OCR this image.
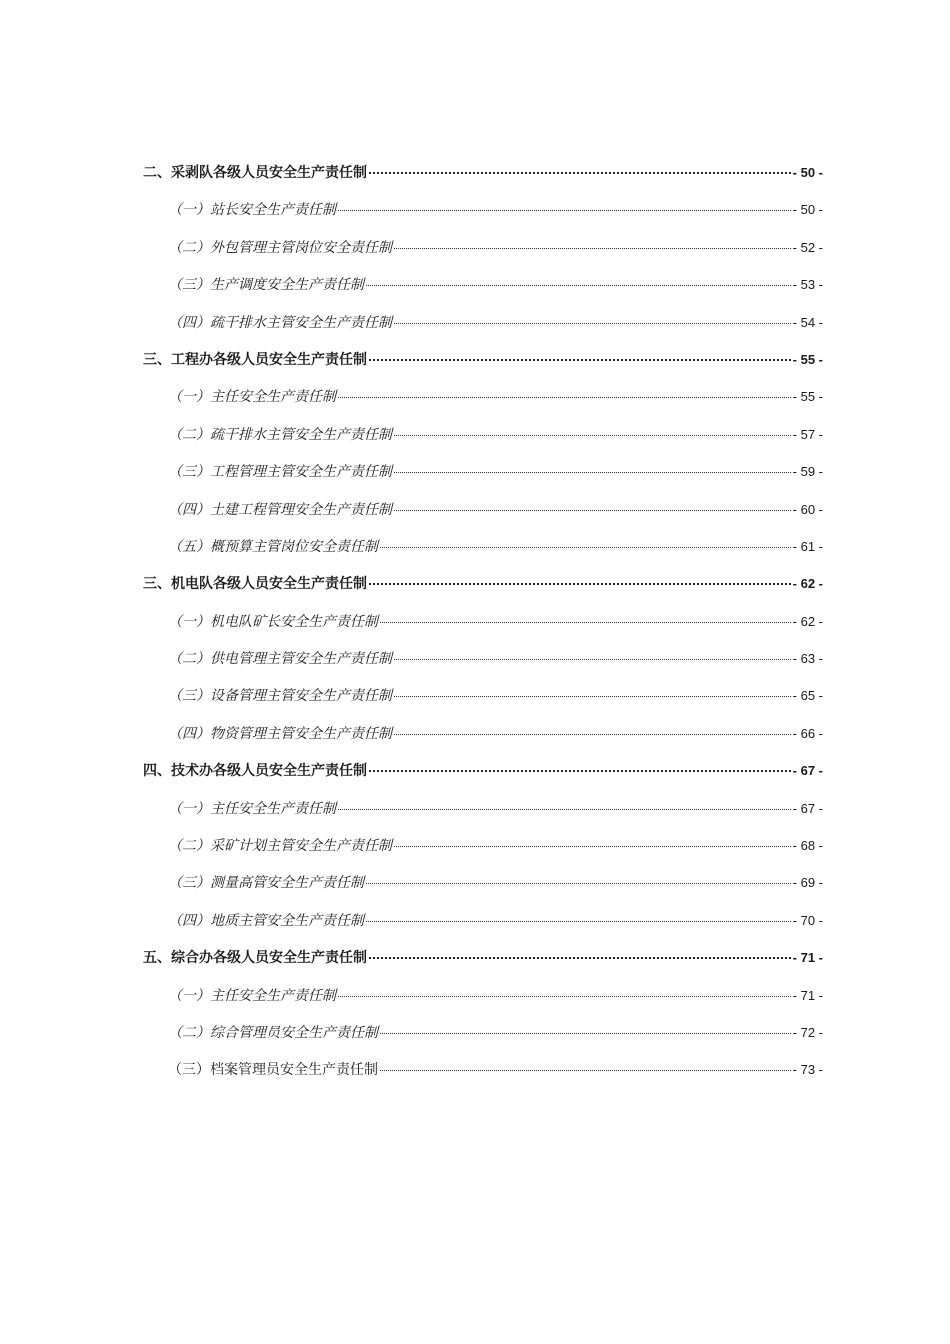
二、采剥队各级人员安全生产责任制	- 50 -
（一）站长安全生产责任制	- 50 -
（二）外包管理主管岗位安全责任制	- 52 -
（三）生产调度安全生产责任制	- 53 -
（四）疏干排水主管安全生产责任制	- 54 -
三、工程办各级人员安全生产责任制	- 55 -
（一）主任安全生产责任制	- 55 -
（二）疏干排水主管安全生产责任制	- 57 -
（三）工程管理主管安全生产责任制	- 59 -
（四）土建工程管理安全生产责任制	- 60 -
（五）概预算主管岗位安全责任制	- 61 -
三、机电队各级人员安全生产责任制	- 62 -
（一）机电队矿长安全生产责任制	- 62 -
（二）供电管理主管安全生产责任制	- 63 -
（三）设备管理主管安全生产责任制	- 65 -
（四）物资管理主管安全生产责任制	- 66 -
四、技术办各级人员安全生产责任制	- 67 -
（一）主任安全生产责任制	- 67 -
（二）采矿计划主管安全生产责任制	- 68 -
（三）测量高管安全生产责任制	- 69 -
（四）地质主管安全生产责任制	- 70 -
五、综合办各级人员安全生产责任制	- 71 -
（一）主任安全生产责任制	- 71 -
（二）综合管理员安全生产责任制	- 72 -
（三）档案管理员安全生产责任制	- 73 -
